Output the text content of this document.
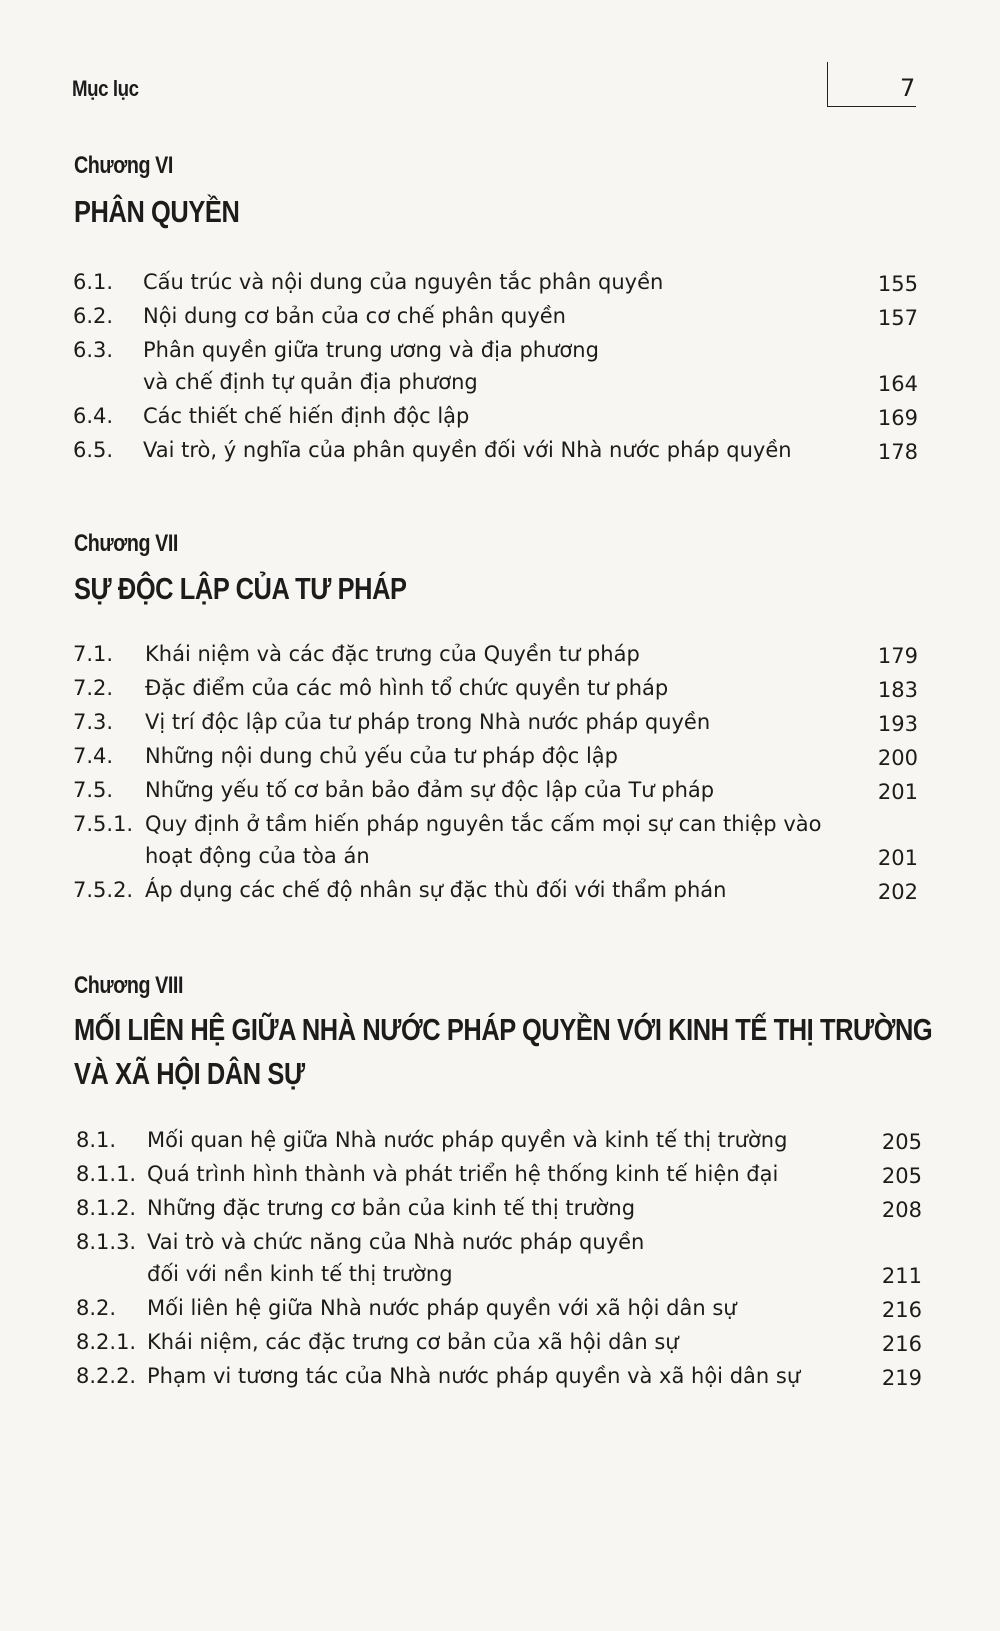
Mục lục	7
Chương VI
PHÂN QUYỀN
6.1. Cấu trúc và nội dung của nguyên tắc phân quyền	155
6.2. Nội dung cơ bản của cơ chế phân quyền	157
6.3. Phân quyền giữa trung ương và địa phương và chế định tự quản địa phương	164
6.4. Các thiết chế hiến định độc lập	169
6.5. Vai trò, ý nghĩa của phân quyền đối với Nhà nước pháp quyền	178
Chương VII
SỰ ĐỘC LẬP CỦA TƯ PHÁP
7.1. Khái niệm và các đặc trưng của Quyền tư pháp	179
7.2. Đặc điểm của các mô hình tổ chức quyền tư pháp	183
7.3. Vị trí độc lập của tư pháp trong Nhà nước pháp quyền	193
7.4. Những nội dung chủ yếu của tư pháp độc lập	200
7.5. Những yếu tố cơ bản bảo đảm sự độc lập của Tư pháp	201
7.5.1. Quy định ở tầm hiến pháp nguyên tắc cấm mọi sự can thiệp vào hoạt động của tòa án	201
7.5.2. Áp dụng các chế độ nhân sự đặc thù đối với thẩm phán	202
Chương VIII
MỐI LIÊN HỆ GIỮA NHÀ NƯỚC PHÁP QUYỀN VỚI KINH TẾ THỊ TRƯỜNG
VÀ XÃ HỘI DÂN SỰ
8.1. Mối quan hệ giữa Nhà nước pháp quyền và kinh tế thị trường	205
8.1.1. Quá trình hình thành và phát triển hệ thống kinh tế hiện đại	205
8.1.2. Những đặc trưng cơ bản của kinh tế thị trường	208
8.1.3. Vai trò và chức năng của Nhà nước pháp quyền đối với nền kinh tế thị trường	211
8.2. Mối liên hệ giữa Nhà nước pháp quyền với xã hội dân sự	216
8.2.1. Khái niệm, các đặc trưng cơ bản của xã hội dân sự	216
8.2.2. Phạm vi tương tác của Nhà nước pháp quyền và xã hội dân sự	219
